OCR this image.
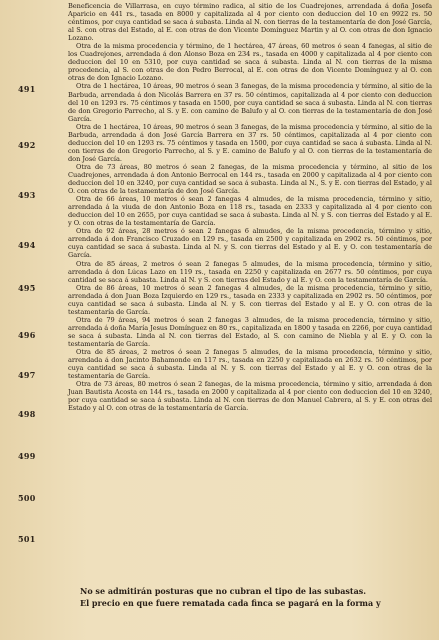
Beneficencia de Villarrasa, en cuyo término radica, al sitio de los Cuadrejones, arrendada á doña Josefa Aparicio en 441 rs., tasada en 8000 y capitalizada al 4 por ciento con deduccion del 10 en 9922 rs. 50 céntimos, por cuya cantidad se saca á subasta. Linda al N. con tierras de la testamentaría de don José García, al S. con otras del Estado, al E. con otras de don Vicente Domínguez Martin y al O. con otras de don Ignacio Lozano.

Otra de la misma procedencia y término, de 1 hectárea, 47 áreas, 60 metros ó sean 4 fanegas, al sitio de los Cuadrejones, arrendada á don Alonso Boza en 234 rs., tasada en 4000 y capitalizada al 4 por ciento con deduccion del 10 en 5310, por cuya cantidad se saca á subasta. Linda al N. con tierras de la misma procedencia, al S. con otras de don Pedro Berrocal, al E. con otras de don Vicente Domínguez y al O. con otras de don Ignacio Lozano.

Otra de 1 hectárea, 10 áreas, 90 metros ó sean 3 fanegas, de la misma procedencia y término, al sitio de la Barbuda, arrendada á don Nicolás Barrera en 37 rs. 50 céntimos, capitalizada al 4 por ciento con deduccion del 10 en 1293 rs. 75 céntimos y tasada en 1500, por cuya cantidad se saca á subasta. Linda al N. con tierras de don Gregorio Parrecho, al S. y E. con camino de Balufo y al O. con tierras de la testamentaría de don José García.

Otra de 1 hectárea, 10 áreas, 90 metros ó sean 3 fanegas, de la misma procedencia y término, al sitio de la Barbuda, arrendada á don José García Barrera en 37 rs. 50 céntimos, capitalizada al 4 por ciento con deduccion del 10 en 1293 rs. 75 céntimos y tasada en 1500, por cuya cantidad se saca á subasta. Linda al N. con tierras de don Gregorio Parrecho, al S. y E. camino de Balufo y al O. con tierras de la testamentaría de don José García.

Otra de 73 áreas, 80 metros ó sean 2 fanegas, de la misma procedencia y término, al sitio de los Cuadrejones, arrendada á don Antonio Berrocal en 144 rs., tasada en 2000 y capitalizada al 4 por ciento con deduccion del 10 en 3240, por cuya cantidad se saca á subasta. Linda al N., S. y E. con tierras del Estado, y al O. con otras de la testamentaría de don José García.

Otra de 66 áreas, 10 metros ó sean 2 fanegas 4 almudes, de la misma procedencia, término y sitio, arrendada á la viuda de don Antonio Boza en 118 rs., tasada en 2333 y capitalizada al 4 por ciento con deduccion del 10 en 2655, por cuya cantidad se saca á subasta. Linda al N. y S. con tierras del Estado y al E. y O. con otras de la testamentaría de García.

Otra de 92 áreas, 28 metros ó sean 2 fanegas 6 almudes, de la misma procedencia, término y sitio, arrendada á don Francisco Cruzado en 129 rs., tasada en 2500 y capitalizada en 2902 rs. 50 céntimos, por cuya cantidad se saca á subasta. Linda al N. y S. con tierras del Estado y al E. y O. con testamentaría de García.

Otra de 85 áreas, 2 metros ó sean 2 fanegas 5 almudes, de la misma procedencia, término y sitio, arrendada á don Lúcas Lazo en 119 rs., tasada en 2250 y capitalizada en 2677 rs. 50 céntimos, por cuya cantidad se saca á subasta. Linda al N. y S. con tierras del Estado y al E. y O. con la testamentaría de García.

Otra de 86 áreas, 10 metros ó sean 2 fanegas 4 almudes, de la misma procedencia, término y sitio, arrendada á don Juan Boza Izquierdo en 129 rs., tasada en 2333 y capitalizada en 2902 rs. 50 céntimos, por cuya cantidad se saca á subasta. Linda al N. y S. con tierras del Estado y al E. y O. con otras de la testamentaría de García.

Otra de 79 áreas, 94 metros ó sean 2 fanegas 3 almudes, de la misma procedencia, término y sitio, arrendada á doña María Jesus Domínguez en 80 rs., capitalizada en 1800 y tasada en 2266, por cuya cantidad se saca á subasta. Linda al N. con tierras del Estado, al S. con camino de Niebla y al E. y O. con la testamentaría de García.

Otra de 85 áreas, 2 metros ó sean 2 fanegas 5 almudes, de la misma procedencia, término y sitio, arrendada á don Jacinto Bahamonde en 117 rs., tasada en 2250 y capitalizada en 2632 rs. 50 céntimos, por cuya cantidad se saca á subasta. Linda al N. y S. con tierras del Estado y al E. y O. con otras de la testamentaría de García.

Otra de 73 áreas, 80 metros ó sean 2 fanegas, de la misma procedencia, término y sitio, arrendada á don Juan Bautista Acosta en 144 rs., tasada en 2000 y capitalizada al 4 por ciento con deduccion del 10 en 3240, por cuya cantidad se saca á subasta. Linda al N. con tierras de don Manuel Cabrera, al S. y E. con otras del Estado y al O. con otras de la testamentaría de García.

491
492
493
494
495
496
497
498
499
500
501
No se admitirán posturas que no cubran el tipo de las subastas.
El precio en que fuere rematada cada finca se pagará en la forma y
